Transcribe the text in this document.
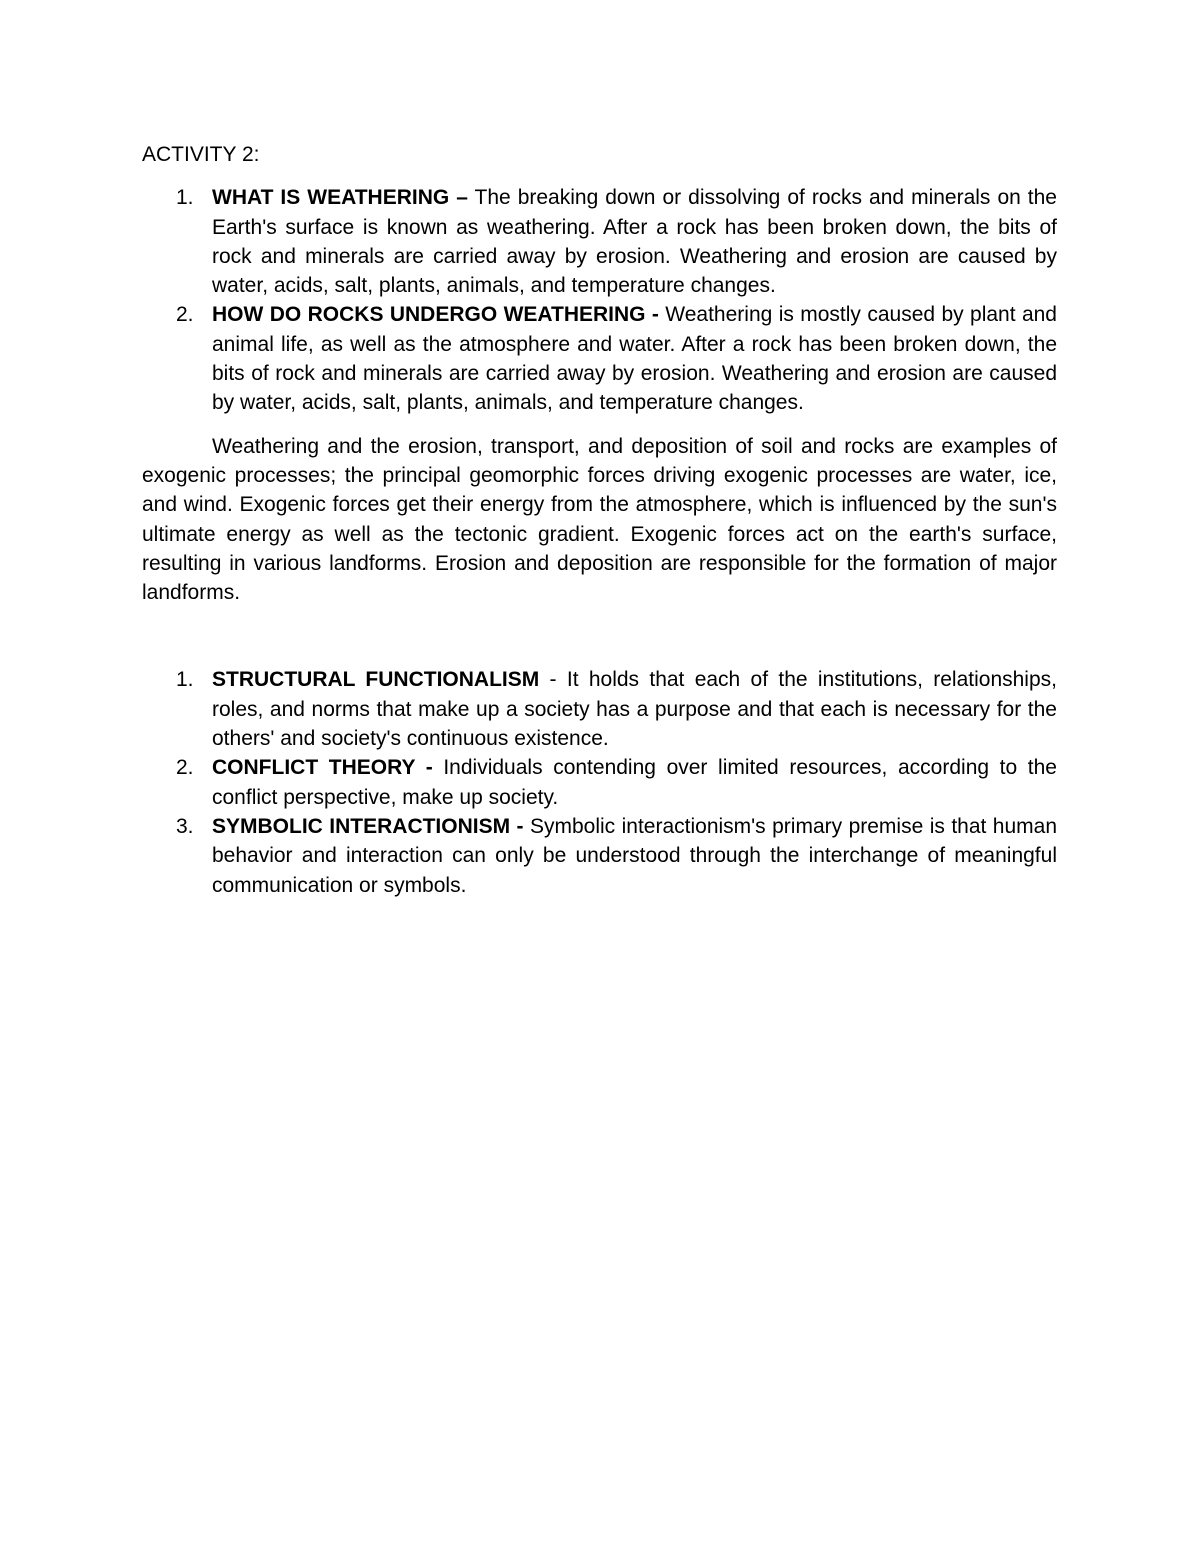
ACTIVITY 2:
1. WHAT IS WEATHERING – The breaking down or dissolving of rocks and minerals on the Earth's surface is known as weathering. After a rock has been broken down, the bits of rock and minerals are carried away by erosion. Weathering and erosion are caused by water, acids, salt, plants, animals, and temperature changes.
2. HOW DO ROCKS UNDERGO WEATHERING - Weathering is mostly caused by plant and animal life, as well as the atmosphere and water. After a rock has been broken down, the bits of rock and minerals are carried away by erosion. Weathering and erosion are caused by water, acids, salt, plants, animals, and temperature changes.

Weathering and the erosion, transport, and deposition of soil and rocks are examples of exogenic processes; the principal geomorphic forces driving exogenic processes are water, ice, and wind. Exogenic forces get their energy from the atmosphere, which is influenced by the sun's ultimate energy as well as the tectonic gradient. Exogenic forces act on the earth's surface, resulting in various landforms. Erosion and deposition are responsible for the formation of major landforms.

1. STRUCTURAL FUNCTIONALISM - It holds that each of the institutions, relationships, roles, and norms that make up a society has a purpose and that each is necessary for the others' and society's continuous existence.
2. CONFLICT THEORY - Individuals contending over limited resources, according to the conflict perspective, make up society.
3. SYMBOLIC INTERACTIONISM - Symbolic interactionism's primary premise is that human behavior and interaction can only be understood through the interchange of meaningful communication or symbols.
